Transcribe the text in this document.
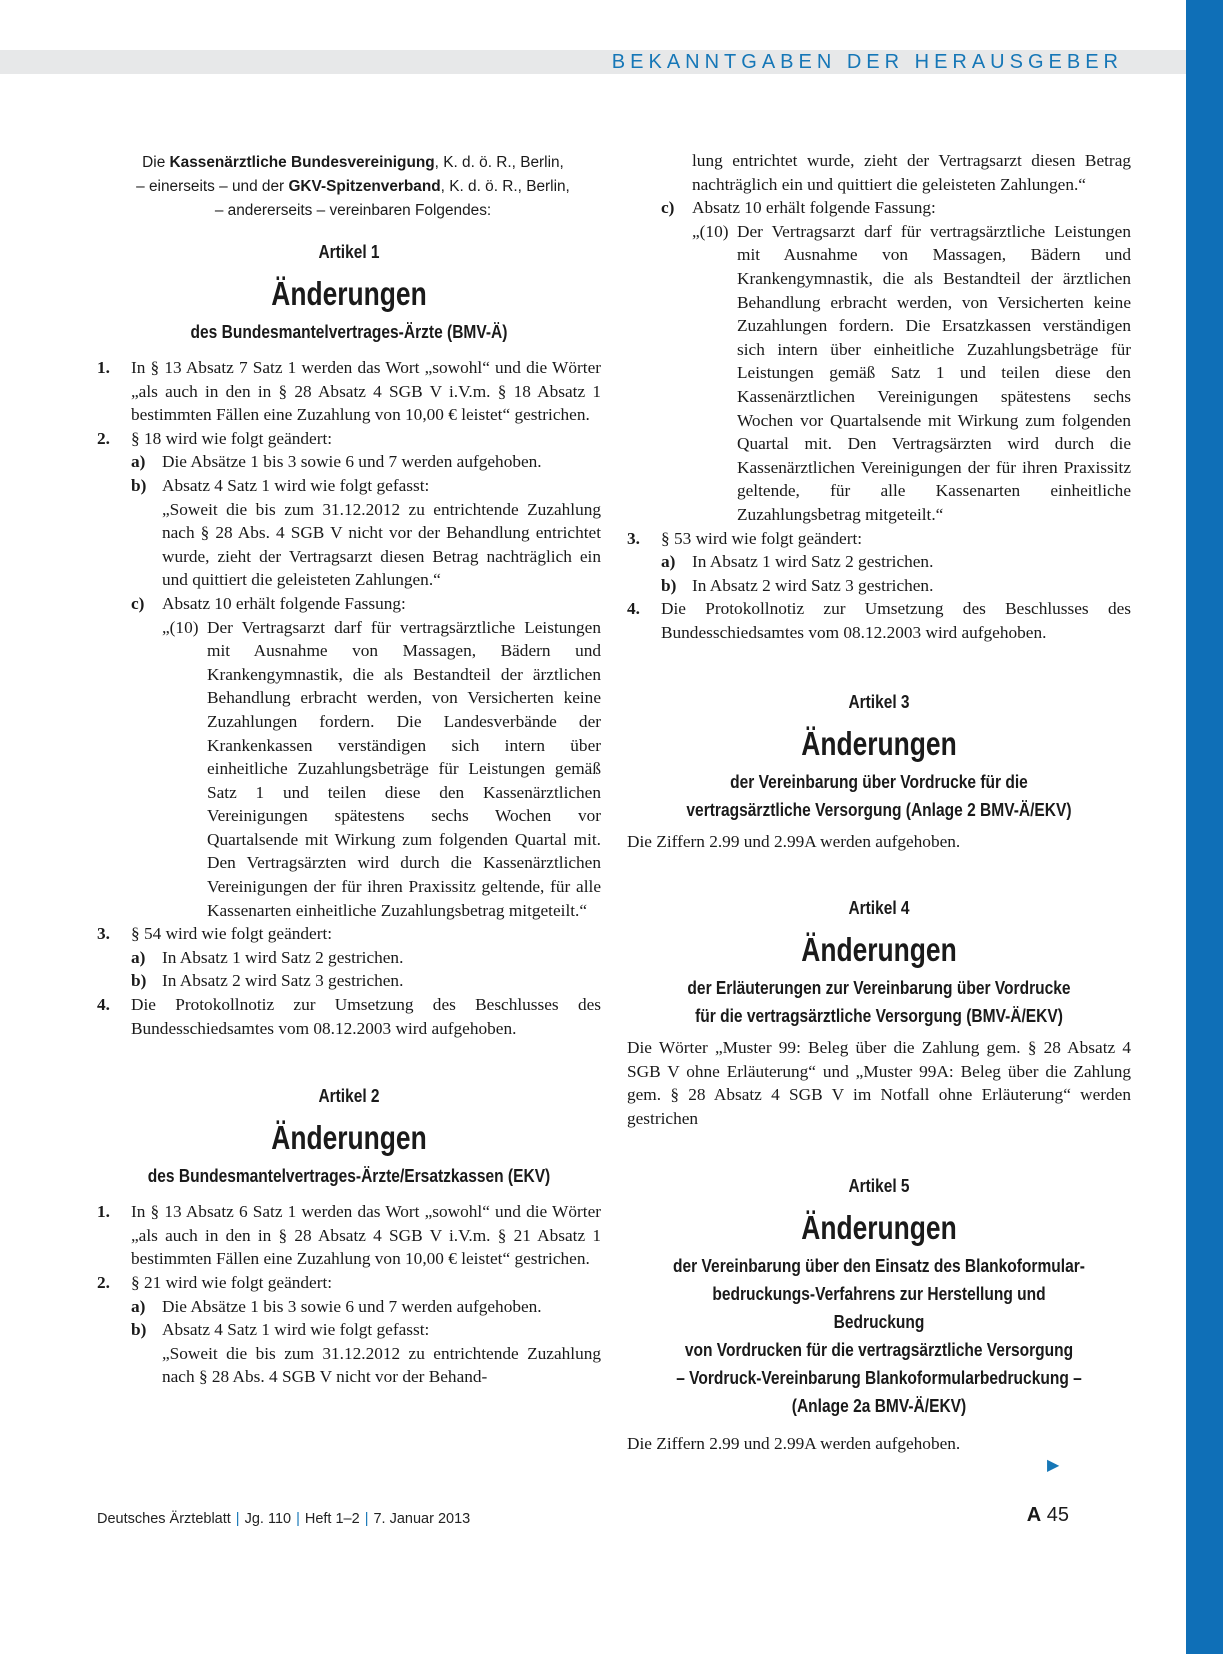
BEKANNTGABEN DER HERAUSGEBER
Die Kassenärztliche Bundesvereinigung, K. d. ö. R., Berlin,
– einerseits – und der GKV-Spitzenverband, K. d. ö. R., Berlin,
– andererseits – vereinbaren Folgendes:
Artikel 1
Änderungen
des Bundesmantelvertrages-Ärzte (BMV-Ä)
1.	In § 13 Absatz 7 Satz 1 werden das Wort „sowohl“ und die Wörter „als auch in den in § 28 Absatz 4 SGB V i.V.m. § 18 Absatz 1 bestimmten Fällen eine Zuzahlung von 10,00 € leistet“ gestrichen.
2.	§ 18 wird wie folgt geändert:
a) Die Absätze 1 bis 3 sowie 6 und 7 werden aufgehoben.
b) Absatz 4 Satz 1 wird wie folgt gefasst:
„Soweit die bis zum 31.12.2012 zu entrichtende Zuzahlung nach § 28 Abs. 4 SGB V nicht vor der Behandlung entrichtet wurde, zieht der Vertragsarzt diesen Betrag nachträglich ein und quittiert die geleisteten Zahlungen.“
c)	Absatz 10 erhält folgende Fassung:
„(10) Der Vertragsarzt darf für vertragsärztliche Leistungen mit Ausnahme von Massagen, Bädern und Krankengymnastik, die als Bestandteil der ärztlichen Behandlung erbracht werden, von Versicherten keine Zuzahlungen fordern. Die Landesverbände der Krankenkassen verständigen sich intern über einheitliche Zuzahlungsbeträge für Leistungen gemäß Satz 1 und teilen diese den Kassenärztlichen Vereinigungen spätestens sechs Wochen vor Quartalsende mit Wirkung zum folgenden Quartal mit. Den Vertragsärzten wird durch die Kassenärztlichen Vereinigungen der für ihren Praxissitz geltende, für alle Kassenarten einheitliche Zuzahlungsbetrag mitgeteilt.“
3.	§ 54 wird wie folgt geändert:
a) In Absatz 1 wird Satz 2 gestrichen.
b) In Absatz 2 wird Satz 3 gestrichen.
4.	Die Protokollnotiz zur Umsetzung des Beschlusses des Bundesschiedsamtes vom 08.12.2003 wird aufgehoben.
Artikel 2
Änderungen
des Bundesmantelvertrages-Ärzte/Ersatzkassen (EKV)
1.	In § 13 Absatz 6 Satz 1 werden das Wort „sowohl“ und die Wörter „als auch in den in § 28 Absatz 4 SGB V i.V.m. § 21 Absatz 1 bestimmten Fällen eine Zuzahlung von 10,00 € leistet“ gestrichen.
2.	§ 21 wird wie folgt geändert:
a) Die Absätze 1 bis 3 sowie 6 und 7 werden aufgehoben.
b) Absatz 4 Satz 1 wird wie folgt gefasst:
„Soweit die bis zum 31.12.2012 zu entrichtende Zuzahlung nach § 28 Abs. 4 SGB V nicht vor der Behand-
lung entrichtet wurde, zieht der Vertragsarzt diesen Betrag nachträglich ein und quittiert die geleisteten Zahlungen.“
c)	Absatz 10 erhält folgende Fassung:
„(10) Der Vertragsarzt darf für vertragsärztliche Leistungen mit Ausnahme von Massagen, Bädern und Krankengymnastik, die als Bestandteil der ärztlichen Behandlung erbracht werden, von Versicherten keine Zuzahlungen fordern. Die Ersatzkassen verständigen sich intern über einheitliche Zuzahlungsbeträge für Leistungen gemäß Satz 1 und teilen diese den Kassenärztlichen Vereinigungen spätestens sechs Wochen vor Quartalsende mit Wirkung zum folgenden Quartal mit. Den Vertragsärzten wird durch die Kassenärztlichen Vereinigungen der für ihren Praxissitz geltende, für alle Kassenarten einheitliche Zuzahlungsbetrag mitgeteilt.“
3.	§ 53 wird wie folgt geändert:
a) In Absatz 1 wird Satz 2 gestrichen.
b) In Absatz 2 wird Satz 3 gestrichen.
4.	Die Protokollnotiz zur Umsetzung des Beschlusses des Bundesschiedsamtes vom 08.12.2003 wird aufgehoben.
Artikel 3
Änderungen
der Vereinbarung über Vordrucke für die
vertragsärztliche Versorgung (Anlage 2 BMV-Ä/EKV)

Die Ziffern 2.99 und 2.99A werden aufgehoben.

Artikel 4
Änderungen
der Erläuterungen zur Vereinbarung über Vordrucke
für die vertragsärztliche Versorgung (BMV-Ä/EKV)

Die Wörter „Muster 99: Beleg über die Zahlung gem. § 28 Absatz 4 SGB V ohne Erläuterung“ und „Muster 99A: Beleg über die Zahlung gem. § 28 Absatz 4 SGB V im Notfall ohne Erläuterung“ werden gestrichen

Artikel 5
Änderungen
der Vereinbarung über den Einsatz des Blankoformular-
bedruckungs-Verfahrens zur Herstellung und Bedruckung
von Vordrucken für die vertragsärztliche Versorgung
– Vordruck-Vereinbarung Blankoformularbedruckung –
(Anlage 2a BMV-Ä/EKV)

Die Ziffern 2.99 und 2.99A werden aufgehoben.

▶
Deutsches Ärzteblatt | Jg. 110 | Heft 1–2 | 7. Januar 2013	A 45
